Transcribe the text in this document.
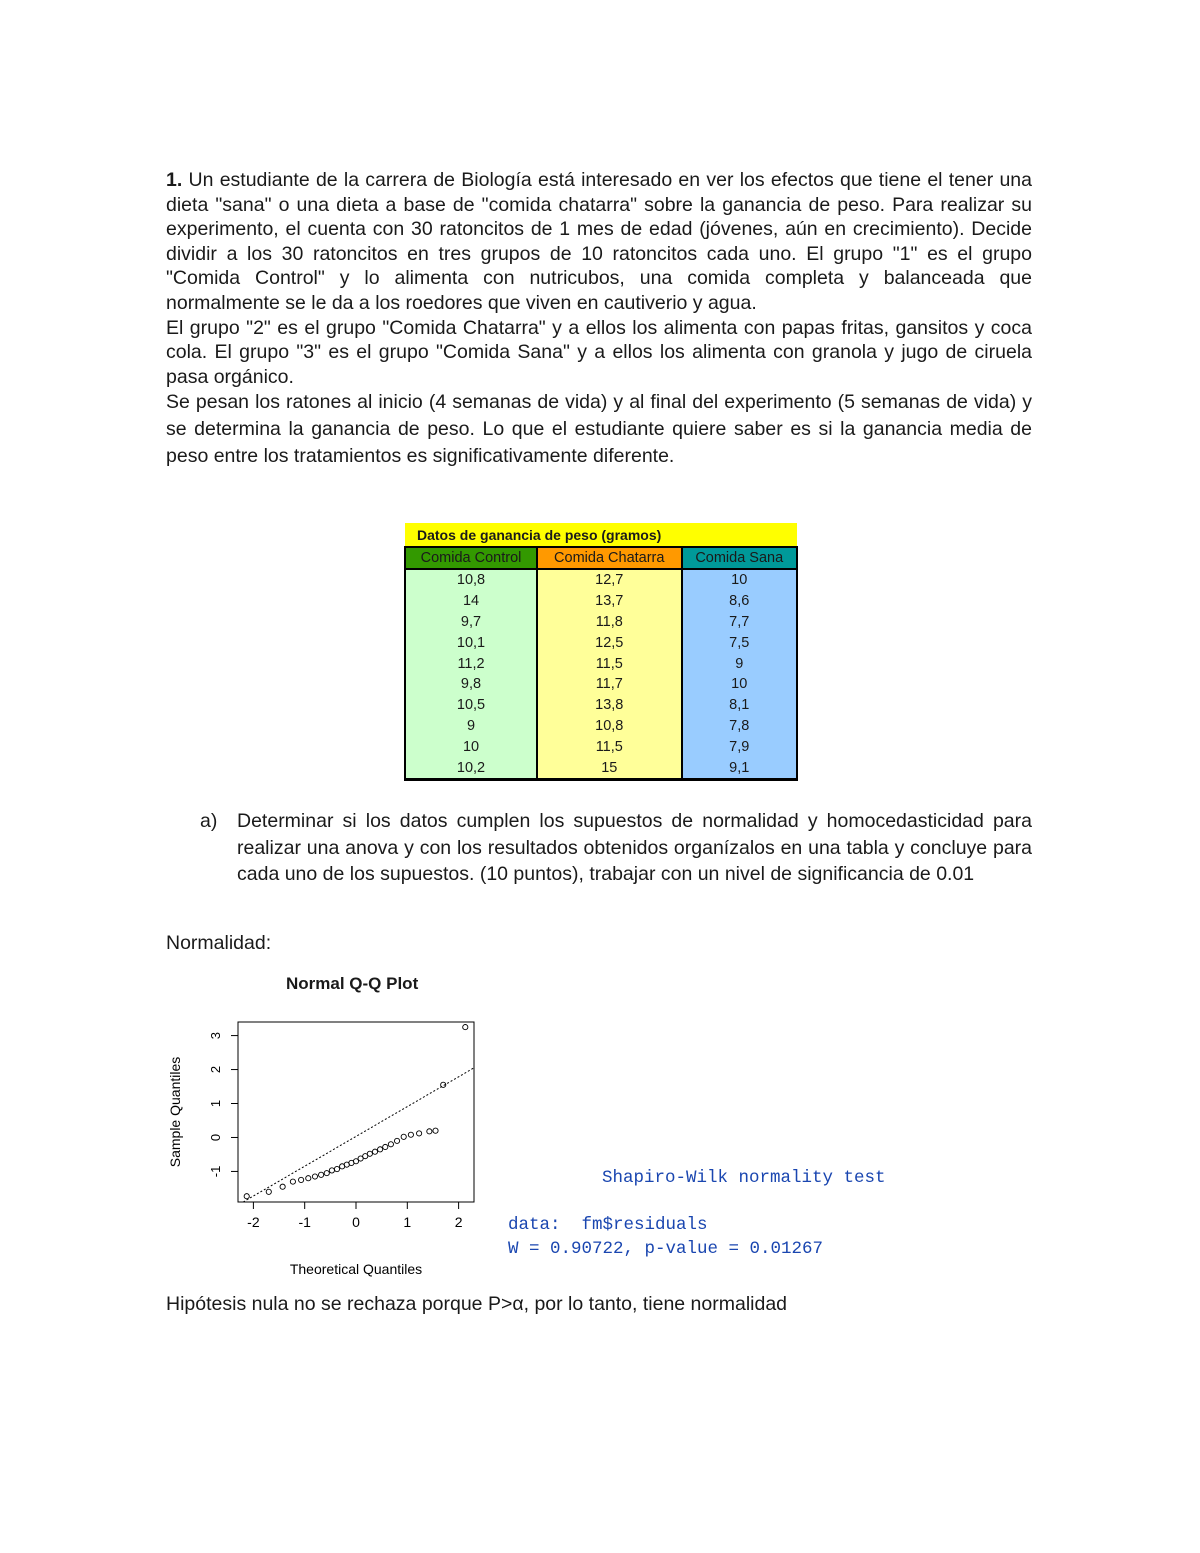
1. Un estudiante de la carrera de Biología está interesado en ver los efectos que tiene el tener una dieta "sana" o una dieta a base de "comida chatarra" sobre la ganancia de peso. Para realizar su experimento, el cuenta con 30 ratoncitos de 1 mes de edad (jóvenes, aún en crecimiento). Decide dividir a los 30 ratoncitos en tres grupos de 10 ratoncitos cada uno. El grupo "1" es el grupo "Comida Control" y lo alimenta con nutricubos, una comida completa y balanceada que normalmente se le da a los roedores que viven en cautiverio y agua.

El grupo "2" es el grupo "Comida Chatarra" y a ellos los alimenta con papas fritas, gansitos y coca cola. El grupo "3" es el grupo "Comida Sana" y a ellos los alimenta con granola y jugo de ciruela pasa orgánico.

Se pesan los ratones al inicio (4 semanas de vida) y al final del experimento (5 semanas de vida) y se determina la ganancia de peso. Lo que el estudiante quiere saber es si la ganancia media de peso entre los tratamientos es significativamente diferente.

Datos de ganancia de peso (gramos)		
Comida Control	Comida Chatarra	Comida Sana
10,8	12,7	10
14	13,7	8,6
9,7	11,8	7,7
10,1	12,5	7,5
11,2	11,5	9
9,8	11,7	10
10,5	13,8	8,1
9	10,8	7,8
10	11,5	7,9
10,2	15	9,1
a) Determinar si los datos cumplen los supuestos de normalidad y homocedasticidad para realizar una anova y con los resultados obtenidos organízalos en una tabla y concluye para cada uno de los supuestos. (10 puntos), trabajar con un nivel de significancia de 0.01
Normalidad:
Normal Q-Q Plot
Theoretical Quantiles
Sample Quantiles
-2	-1	0	1	2
-1
0
1
2
3
Shapiro-Wilk normality test
data:  fm$residuals
W = 0.90722, p-value = 0.01267
Hipótesis nula no se rechaza porque P>α, por lo tanto, tiene normalidad
